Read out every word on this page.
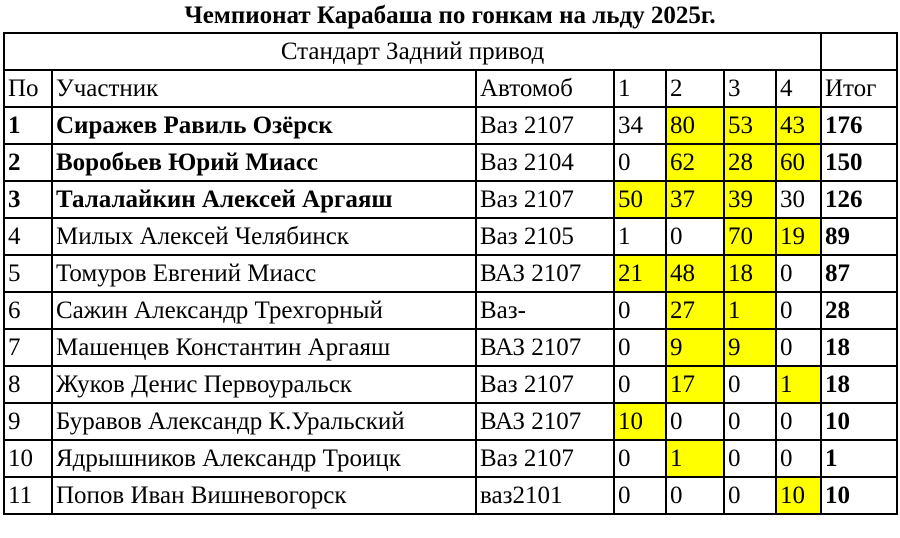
Чемпионат Карабаша по гонкам на льду 2025г.
Стандарт Задний привод							
По	Участник	Автомоб	1	2	3	4	Итог
1	Сиражев Равиль Озёрск	Ваз 2107	34	80	53	43	176
2	Воробьев Юрий Миасс	Ваз 2104	0	62	28	60	150
3	Талалайкин Алексей Аргаяш	Ваз 2107	50	37	39	30	126
4	Милых Алексей Челябинск	Ваз 2105	1	0	70	19	89
5	Томуров Евгений Миасс	ВАЗ 2107	21	48	18	0	87
6	Сажин Александр Трехгорный	Ваз-	0	27	1	0	28
7	Машенцев Константин Аргаяш	ВАЗ 2107	0	9	9	0	18
8	Жуков Денис Первоуральск	Ваз 2107	0	17	0	1	18
9	Буравов Александр К.Уральский	ВАЗ 2107	10	0	0	0	10
10	Ядрышников Александр Троицк	Ваз 2107	0	1	0	0	1
11	Попов Иван Вишневогорск	ваз2101	0	0	0	10	10
